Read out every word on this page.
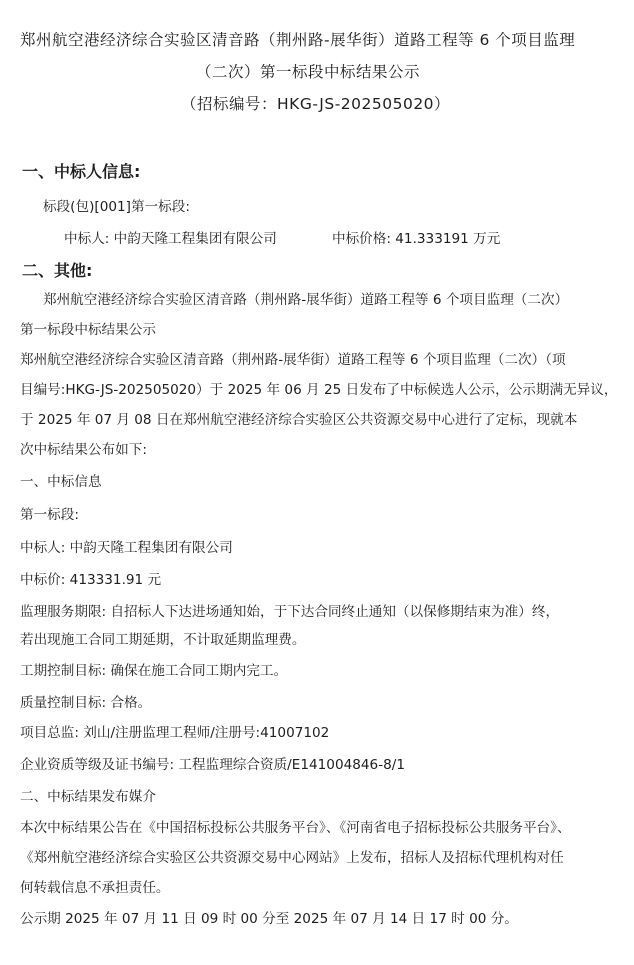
郑州航空港经济综合实验区清音路（荆州路-展华街）道路工程等 6 个项目监理
（二次）第一标段中标结果公示
（招标编号：HKG-JS-202505020）
一、中标人信息:
标段(包)[001]第一标段:
中标人: 中韵天隆工程集团有限公司	中标价格: 41.333191 万元
二、其他:
郑州航空港经济综合实验区清音路（荆州路-展华街）道路工程等 6 个项目监理（二次）
第一标段中标结果公示
郑州航空港经济综合实验区清音路（荆州路-展华街）道路工程等 6 个项目监理（二次）（项
目编号:HKG-JS-202505020）于 2025 年 06 月 25 日发布了中标候选人公示，公示期满无异议，
于 2025 年 07 月 08 日在郑州航空港经济综合实验区公共资源交易中心进行了定标，现就本
次中标结果公布如下:
一、中标信息
第一标段:
中标人: 中韵天隆工程集团有限公司
中标价: 413331.91 元
监理服务期限: 自招标人下达进场通知始，于下达合同终止通知（以保修期结束为准）终，
若出现施工合同工期延期，不计取延期监理费。
工期控制目标: 确保在施工合同工期内完工。
质量控制目标: 合格。
项目总监: 刘山/注册监理工程师/注册号:41007102
企业资质等级及证书编号: 工程监理综合资质/E141004846-8/1
二、中标结果发布媒介
本次中标结果公告在《中国招标投标公共服务平台》、《河南省电子招标投标公共服务平台》、
《郑州航空港经济综合实验区公共资源交易中心网站》上发布，招标人及招标代理机构对任
何转载信息不承担责任。
公示期 2025 年 07 月 11 日 09 时 00 分至 2025 年 07 月 14 日 17 时 00 分。
